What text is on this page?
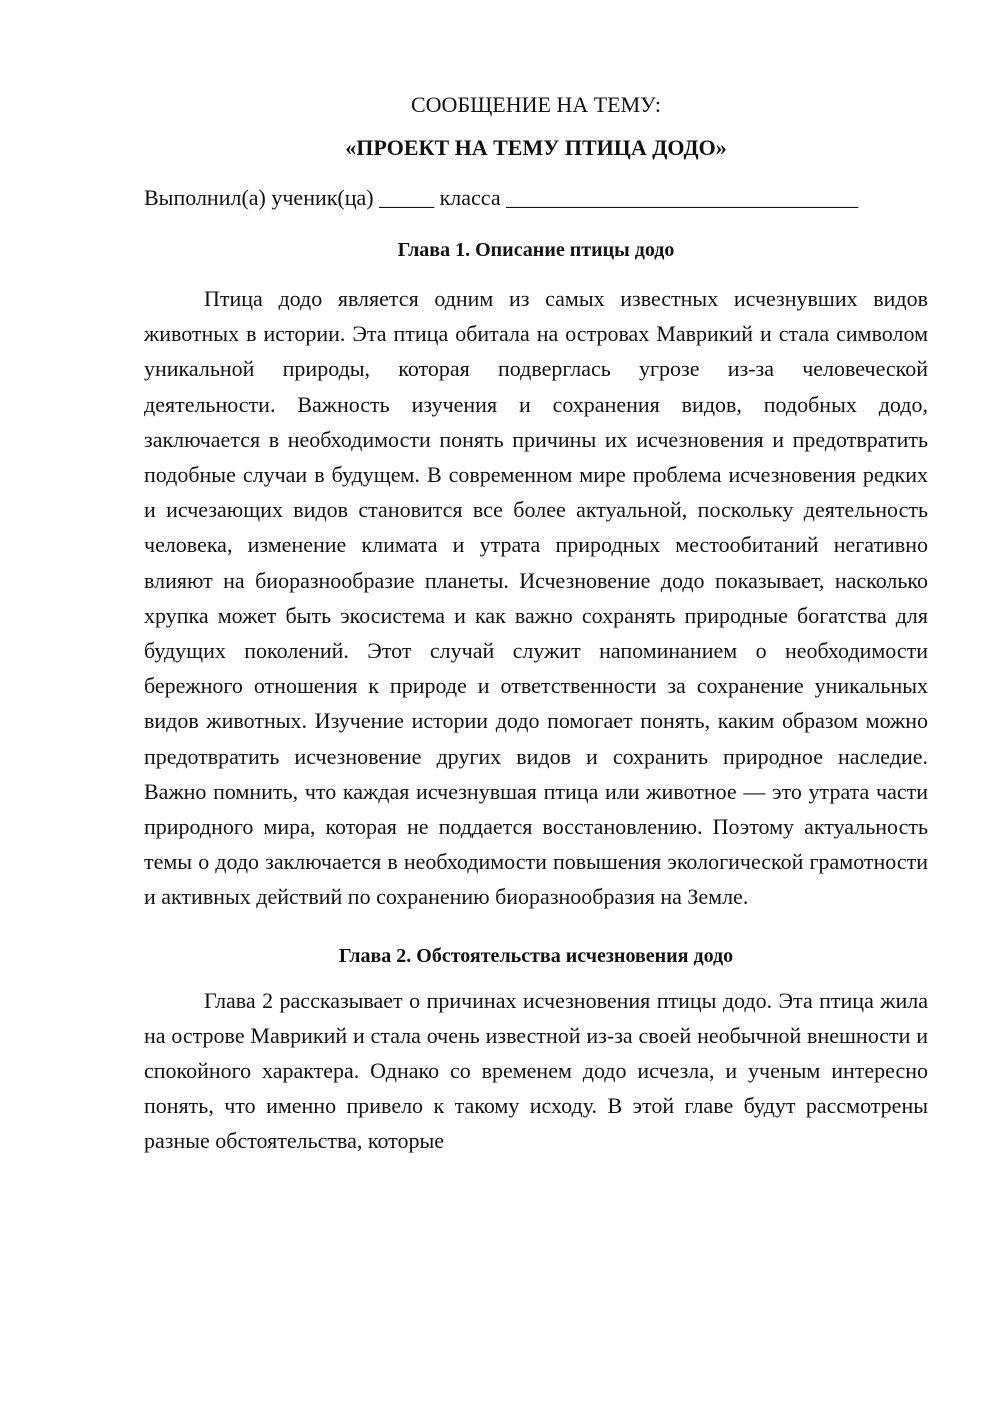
СООБЩЕНИЕ НА ТЕМУ:

«ПРОЕКТ НА ТЕМУ ПТИЦА ДОДО»

Выполнил(а) ученик(ца) _____ класса ________________________________
Глава 1. Описание птицы додо

Птица додо является одним из самых известных исчезнувших видов животных в истории. Эта птица обитала на островах Маврикий и стала символом уникальной природы, которая подверглась угрозе из-за человеческой деятельности. Важность изучения и сохранения видов, подобных додо, заключается в необходимости понять причины их исчезновения и предотвратить подобные случаи в будущем. В современном мире проблема исчезновения редких и исчезающих видов становится все более актуальной, поскольку деятельность человека, изменение климата и утрата природных местообитаний негативно влияют на биоразнообразие планеты. Исчезновение додо показывает, насколько хрупка может быть экосистема и как важно сохранять природные богатства для будущих поколений. Этот случай служит напоминанием о необходимости бережного отношения к природе и ответственности за сохранение уникальных видов животных. Изучение истории додо помогает понять, каким образом можно предотвратить исчезновение других видов и сохранить природное наследие. Важно помнить, что каждая исчезнувшая птица или животное — это утрата части природного мира, которая не поддается восстановлению. Поэтому актуальность темы о додо заключается в необходимости повышения экологической грамотности и активных действий по сохранению биоразнообразия на Земле.

Глава 2. Обстоятельства исчезновения додо

Глава 2 рассказывает о причинах исчезновения птицы додо. Эта птица жила на острове Маврикий и стала очень известной из-за своей необычной внешности и спокойного характера. Однако со временем додо исчезла, и ученым интересно понять, что именно привело к такому исходу. В этой главе будут рассмотрены разные обстоятельства, которые
